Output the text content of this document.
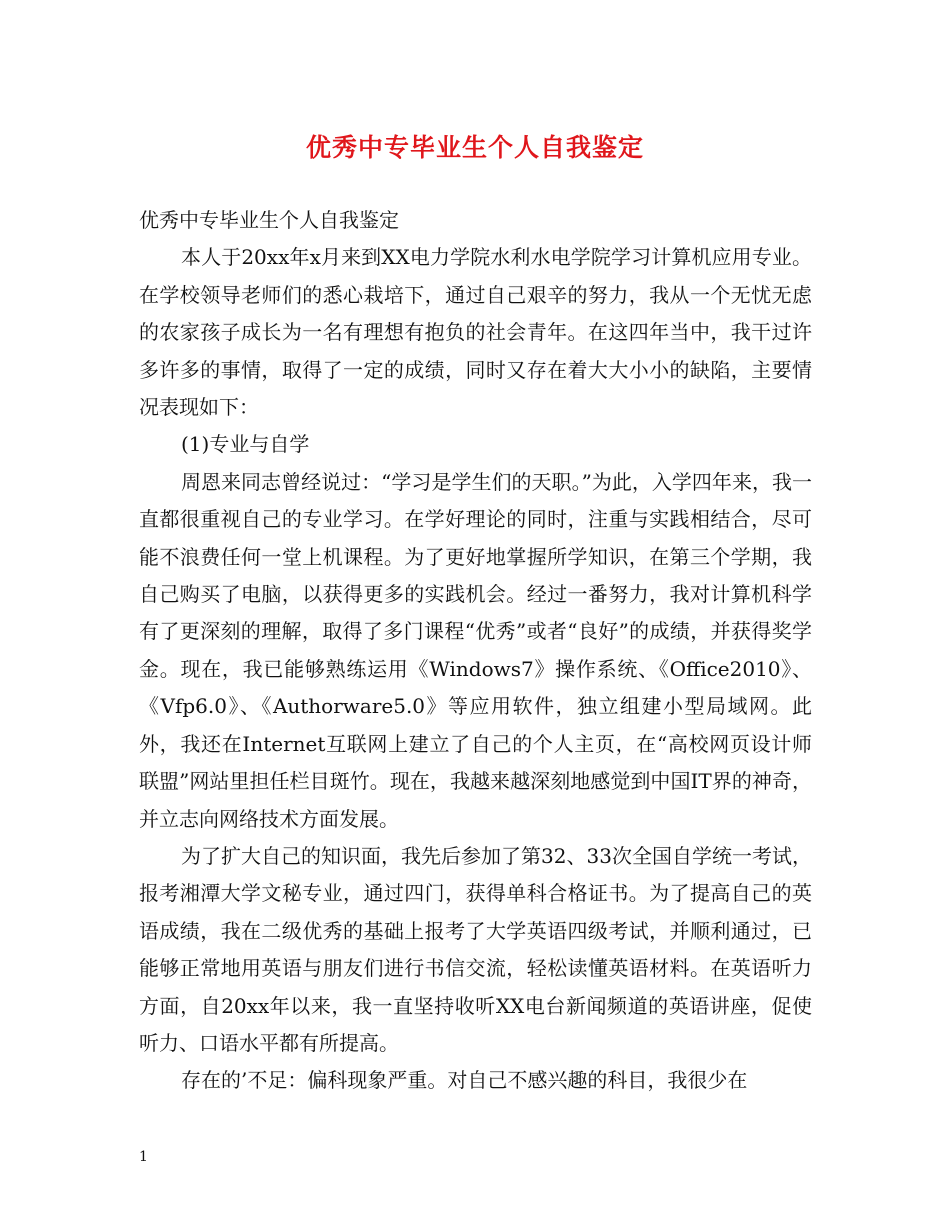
优秀中专毕业生个人自我鉴定

优秀中专毕业生个人自我鉴定

本人于20xx年x月来到XX电力学院水利水电学院学习计算机应用专业。在学校领导老师们的悉心栽培下，通过自己艰辛的努力，我从一个无忧无虑的农家孩子成长为一名有理想有抱负的社会青年。在这四年当中，我干过许多许多的事情，取得了一定的成绩，同时又存在着大大小小的缺陷，主要情况表现如下：

(1)专业与自学

周恩来同志曾经说过：“学习是学生们的天职。”为此，入学四年来，我一直都很重视自己的专业学习。在学好理论的同时，注重与实践相结合，尽可能不浪费任何一堂上机课程。为了更好地掌握所学知识，在第三个学期，我自己购买了电脑，以获得更多的实践机会。经过一番努力，我对计算机科学有了更深刻的理解，取得了多门课程“优秀”或者“良好”的成绩，并获得奖学金。现在，我已能够熟练运用《Windows7》操作系统、《Office2010》、《Vfp6.0》、《Authorware5.0》等应用软件，独立组建小型局域网。此外，我还在Internet互联网上建立了自己的个人主页，在“高校网页设计师联盟”网站里担任栏目斑竹。现在，我越来越深刻地感觉到中国IT界的神奇，并立志向网络技术方面发展。

为了扩大自己的知识面，我先后参加了第32、33次全国自学统一考试，报考湘潭大学文秘专业，通过四门，获得单科合格证书。为了提高自己的英语成绩，我在二级优秀的基础上报考了大学英语四级考试，并顺利通过，已能够正常地用英语与朋友们进行书信交流，轻松读懂英语材料。在英语听力方面，自20xx年以来，我一直坚持收听XX电台新闻频道的英语讲座，促使听力、口语水平都有所提高。

存在的’不足：偏科现象严重。对自己不感兴趣的科目，我很少在

1
